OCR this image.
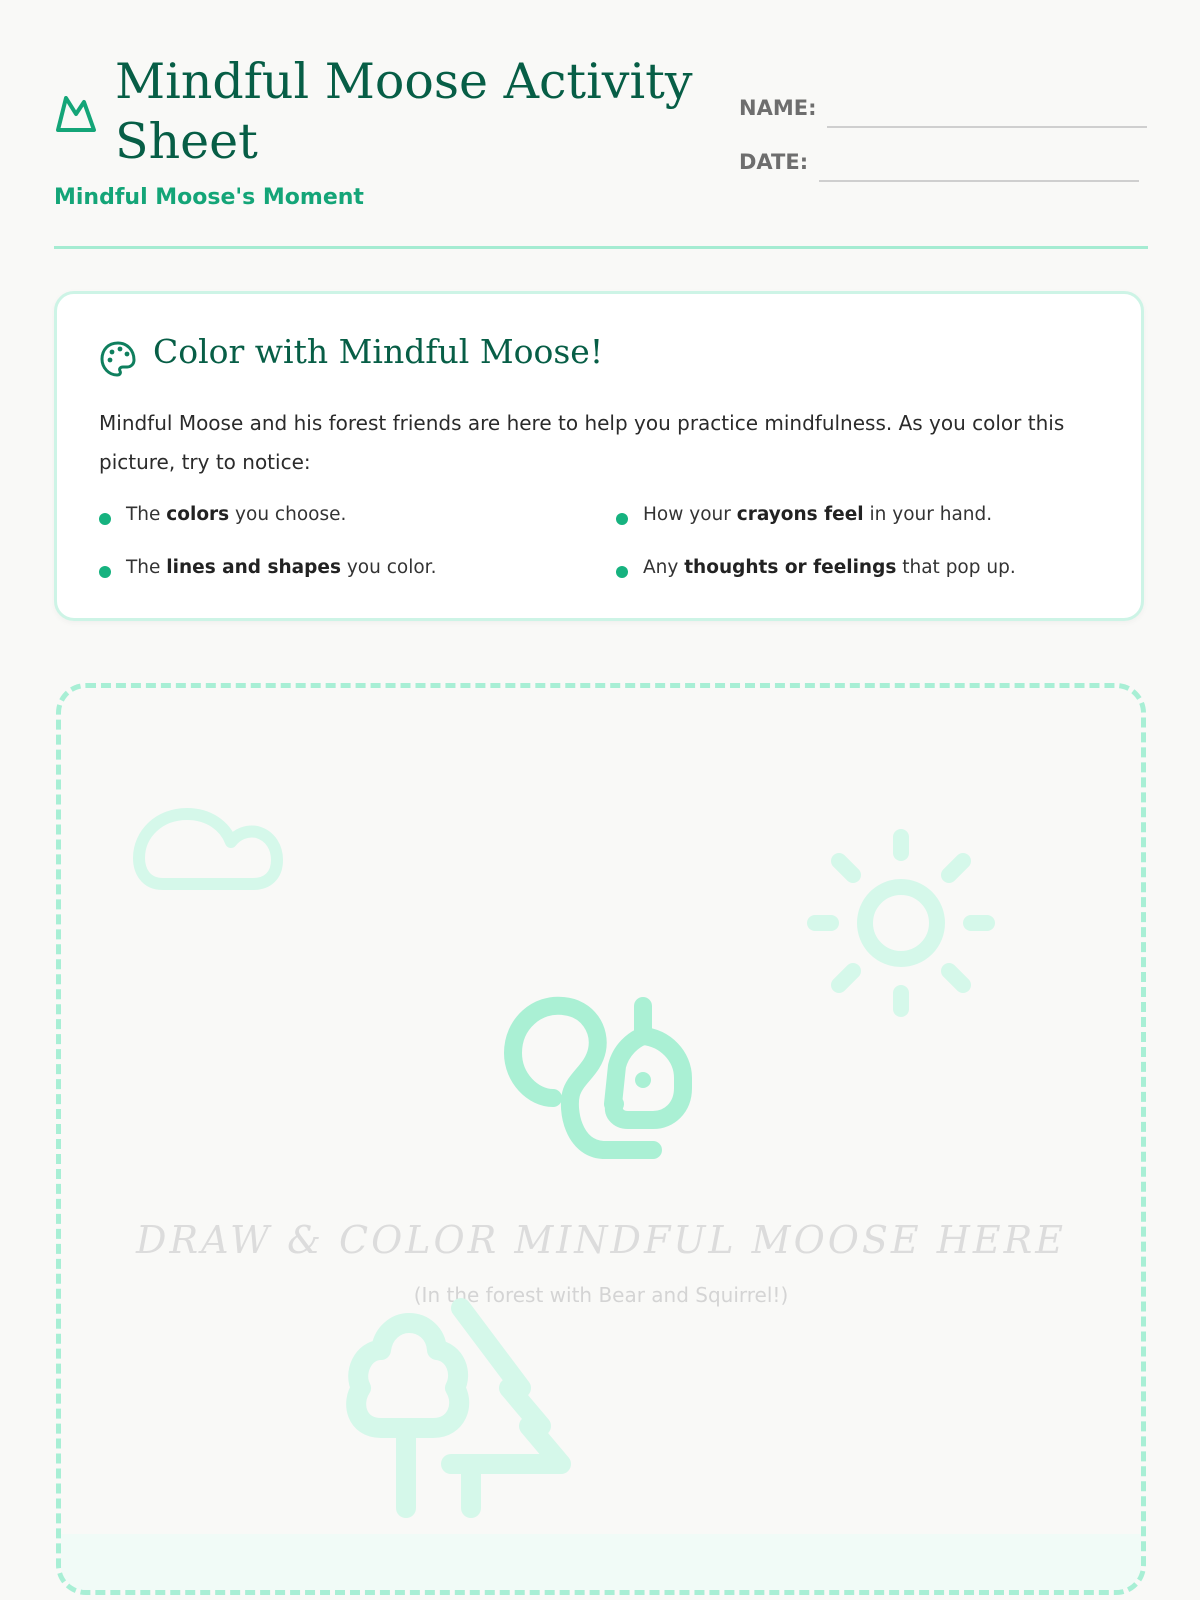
Mindful Moose Activity Sheet

Mindful Moose's Moment

NAME:
DATE:
Color with Mindful Moose!

Mindful Moose and his forest friends are here to help you practice mindfulness. As you color this picture, try to notice:

The colors you choose.	How your crayons feel in your hand.
The lines and shapes you color.	Any thoughts or feelings that pop up.
DRAW & COLOR MINDFUL MOOSE HERE

(In the forest with Bear and Squirrel!)
